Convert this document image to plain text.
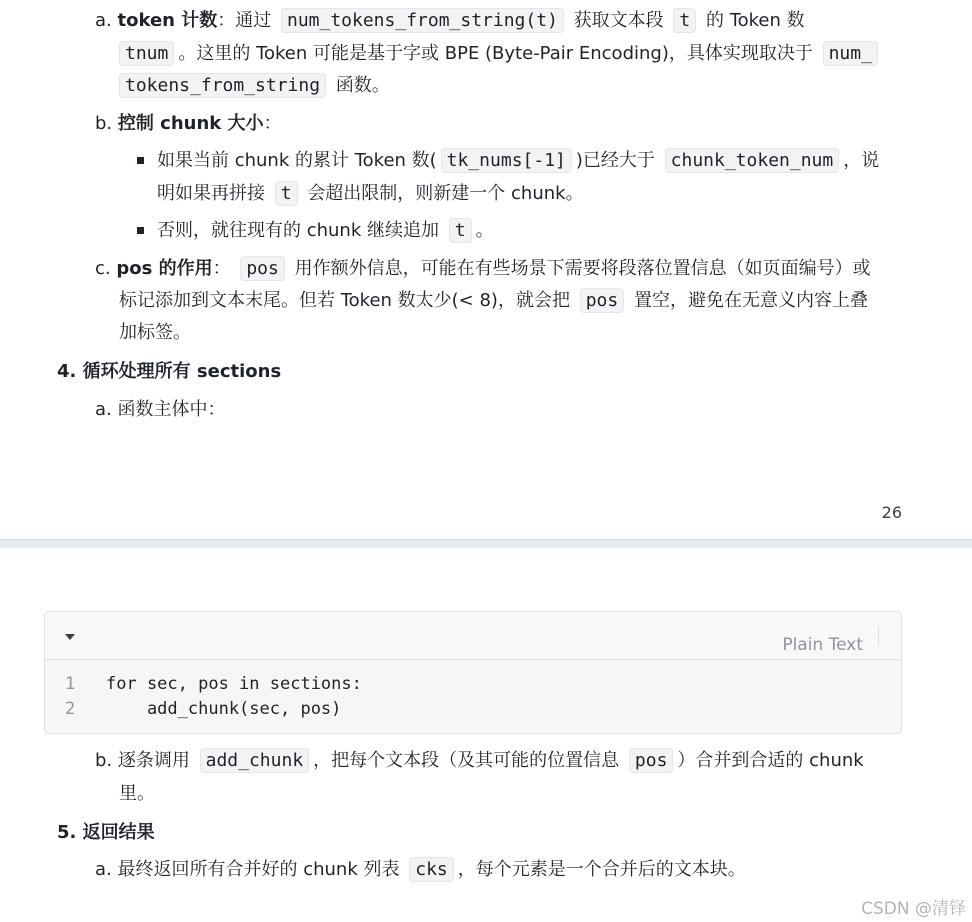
a. token 计数：通过 num_tokens_from_string(t) 获取文本段 t 的 Token 数
tnum 。这里的 Token 可能是基于字或 BPE (Byte-Pair Encoding)，具体实现取决于 num_
tokens_from_string 函数。
b. 控制 chunk 大小：
如果当前 chunk 的累计 Token 数( tk_nums[-1] )已经大于 chunk_token_num ，说
明如果再拼接 t 会超出限制，则新建一个 chunk。
否则，就往现有的 chunk 继续追加 t 。
c. pos 的作用： pos 用作额外信息，可能在有些场景下需要将段落位置信息（如页面编号）或
标记添加到文本末尾。但若 Token 数太少(< 8)，就会把 pos 置空，避免在无意义内容上叠
加标签。
4. 循环处理所有 sections
a. 函数主体中：
26
Plain Text
1 for sec, pos in sections:
2 add_chunk(sec, pos)
b. 逐条调用 add_chunk ，把每个文本段（及其可能的位置信息 pos ）合并到合适的 chunk
里。
5. 返回结果
a. 最终返回所有合并好的 chunk 列表 cks ，每个元素是一个合并后的文本块。
CSDN @清铎
